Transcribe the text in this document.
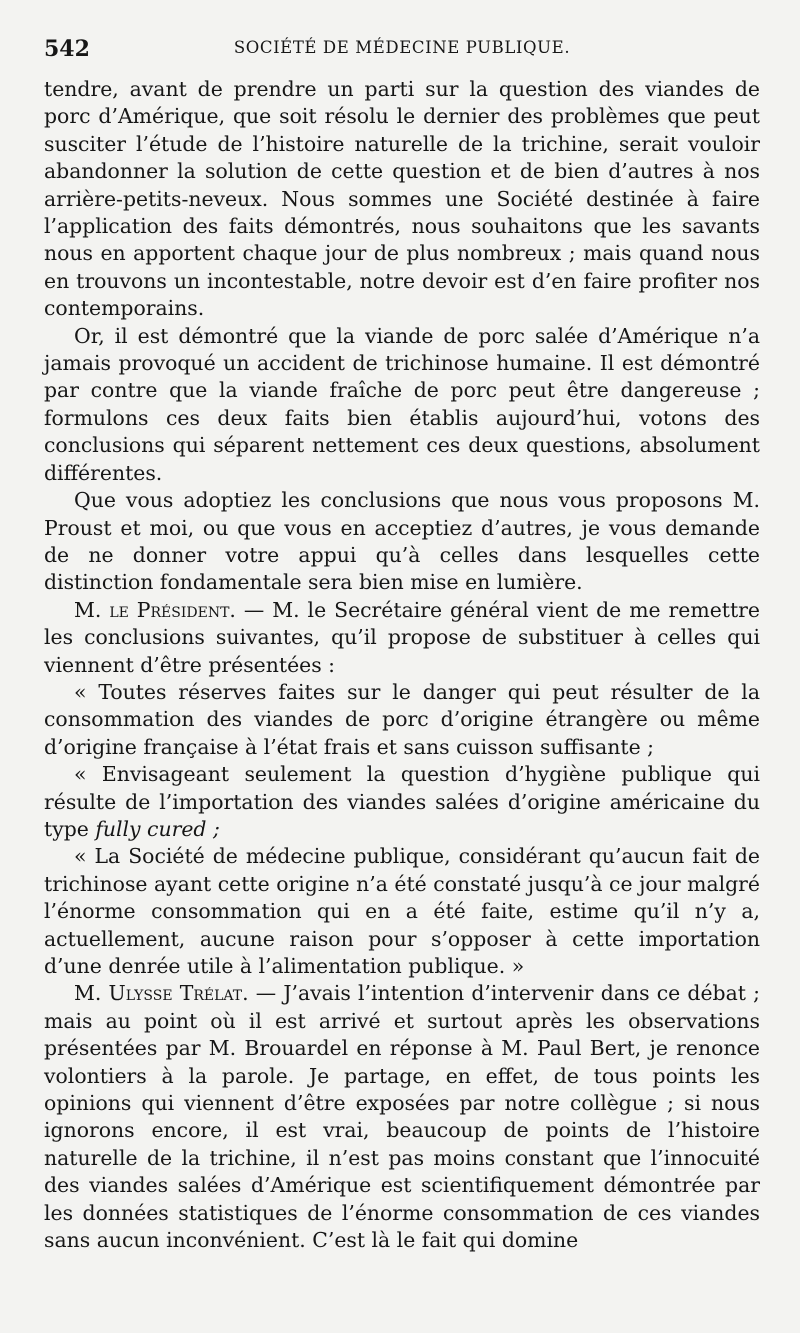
542	SOCIÉTÉ DE MÉDECINE PUBLIQUE.

tendre, avant de prendre un parti sur la question des viandes de porc d’Amérique, que soit résolu le dernier des problèmes que peut susciter l’étude de l’histoire naturelle de la trichine, serait vouloir abandonner la solution de cette question et de bien d’autres à nos arrière-petits-neveux. Nous sommes une Société destinée à faire l’application des faits démontrés, nous souhaitons que les savants nous en apportent chaque jour de plus nombreux ; mais quand nous en trouvons un incontestable, notre devoir est d’en faire profiter nos contemporains.

Or, il est démontré que la viande de porc salée d’Amérique n’a jamais provoqué un accident de trichinose humaine. Il est démontré par contre que la viande fraîche de porc peut être dangereuse ; formulons ces deux faits bien établis aujourd’hui, votons des conclusions qui séparent nettement ces deux questions, absolument différentes.

Que vous adoptiez les conclusions que nous vous proposons M. Proust et moi, ou que vous en acceptiez d’autres, je vous demande de ne donner votre appui qu’à celles dans lesquelles cette distinction fondamentale sera bien mise en lumière.

M. le Président. — M. le Secrétaire général vient de me remettre les conclusions suivantes, qu’il propose de substituer à celles qui viennent d’être présentées :

« Toutes réserves faites sur le danger qui peut résulter de la consommation des viandes de porc d’origine étrangère ou même d’origine française à l’état frais et sans cuisson suffisante ;

« Envisageant seulement la question d’hygiène publique qui résulte de l’importation des viandes salées d’origine américaine du type fully cured ;

« La Société de médecine publique, considérant qu’aucun fait de trichinose ayant cette origine n’a été constaté jusqu’à ce jour malgré l’énorme consommation qui en a été faite, estime qu’il n’y a, actuellement, aucune raison pour s’opposer à cette importation d’une denrée utile à l’alimentation publique. »

M. Ulysse Trélat. — J’avais l’intention d’intervenir dans ce débat ; mais au point où il est arrivé et surtout après les observations présentées par M. Brouardel en réponse à M. Paul Bert, je renonce volontiers à la parole. Je partage, en effet, de tous points les opinions qui viennent d’être exposées par notre collègue ; si nous ignorons encore, il est vrai, beaucoup de points de l’histoire naturelle de la trichine, il n’est pas moins constant que l’innocuité des viandes salées d’Amérique est scientifiquement démontrée par les données statistiques de l’énorme consommation de ces viandes sans aucun inconvénient. C’est là le fait qui domine
